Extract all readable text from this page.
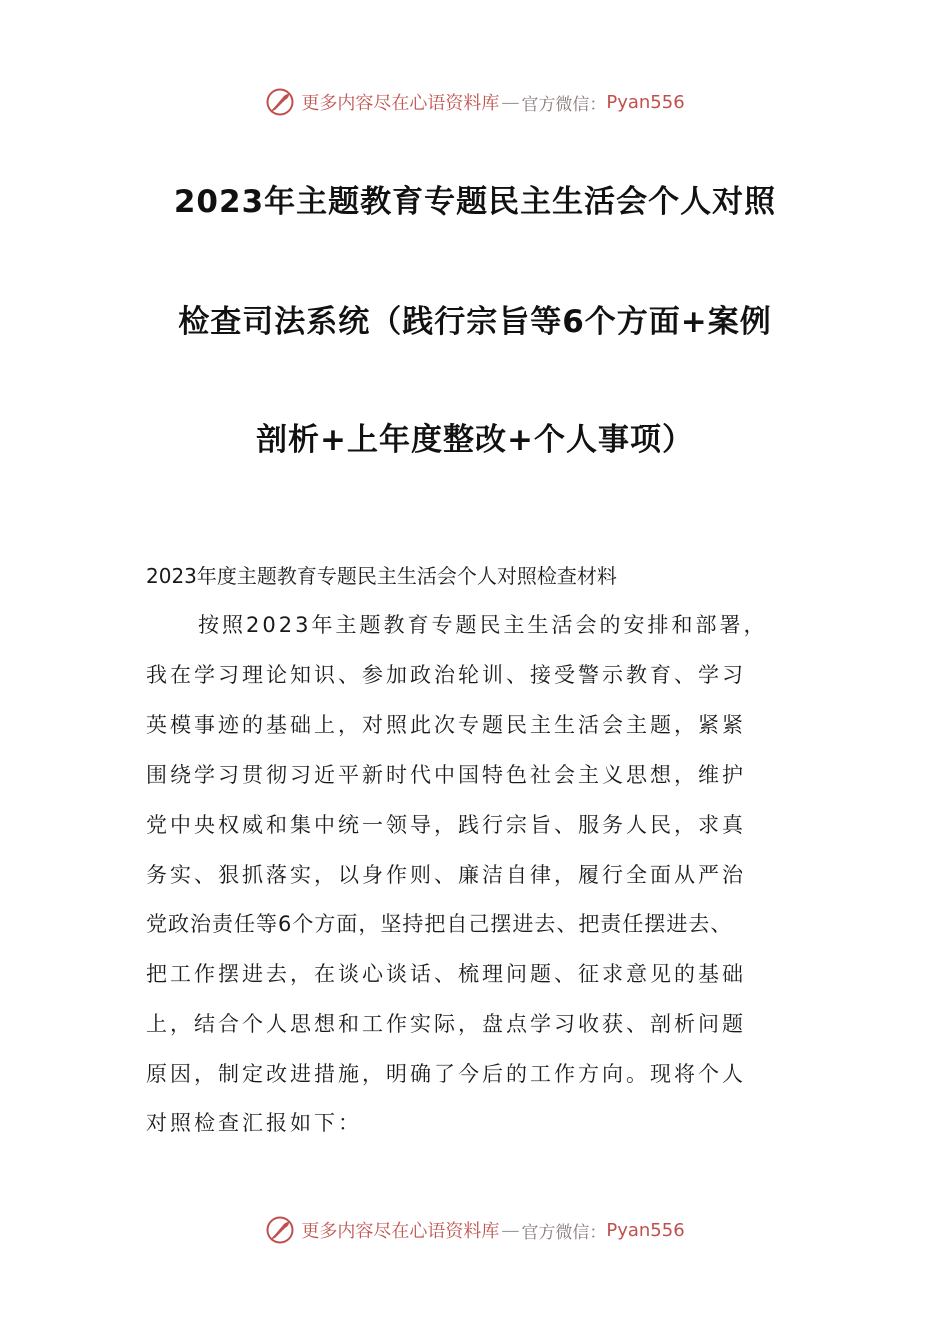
更多内容尽在心语资料库 — 官方微信： Pyan556
2023年主题教育专题民主生活会个人对照
检查司法系统（践行宗旨等6个方面+案例
剖析+上年度整改+个人事项）
2023年度主题教育专题民主生活会个人对照检查材料
按照2023年主题教育专题民主生活会的安排和部署，
我在学习理论知识、参加政治轮训、接受警示教育、学习
英模事迹的基础上，对照此次专题民主生活会主题，紧紧
围绕学习贯彻习近平新时代中国特色社会主义思想，维护
党中央权威和集中统一领导，践行宗旨、服务人民，求真
务实、狠抓落实，以身作则、廉洁自律，履行全面从严治
党政治责任等6个方面，坚持把自己摆进去、把责任摆进去、
把工作摆进去，在谈心谈话、梳理问题、征求意见的基础
上，结合个人思想和工作实际，盘点学习收获、剖析问题
原因，制定改进措施，明确了今后的工作方向。现将个人
对照检查汇报如下：
更多内容尽在心语资料库 — 官方微信： Pyan556
